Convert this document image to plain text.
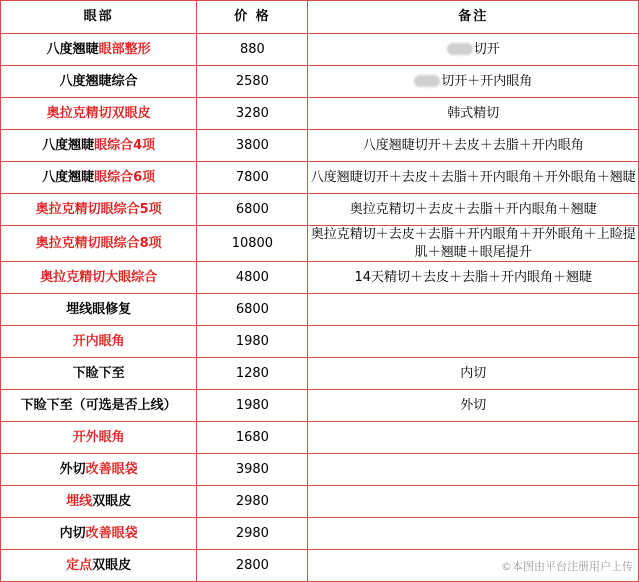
眼部	价 格	备注
八度翘睫眼部整形	880	切开
八度翘睫综合	2580	切开＋开内眼角
奥拉克精切双眼皮	3280	韩式精切
八度翘睫眼综合4项	3800	八度翘睫切开＋去皮＋去脂＋开内眼角
八度翘睫眼综合6项	7800	八度翘睫切开＋去皮＋去脂＋开内眼角＋开外眼角＋翘睫
奥拉克精切眼综合5项	6800	奥拉克精切＋去皮＋去脂＋开内眼角＋翘睫
奥拉克精切眼综合8项	10800	奥拉克精切＋去皮＋去脂＋开内眼角＋开外眼角＋上睑提肌＋翘睫＋眼尾提升
奥拉克精切大眼综合	4800	14天精切＋去皮＋去脂＋开内眼角＋翘睫
埋线眼修复	6800	
开内眼角	1980	
下睑下至	1280	内切
下睑下至（可选是否上线）	1980	外切
开外眼角	1680	
外切改善眼袋	3980	
埋线双眼皮	2980	
内切改善眼袋	2980	
定点双眼皮	2800		©本图由平台注册用户上传
